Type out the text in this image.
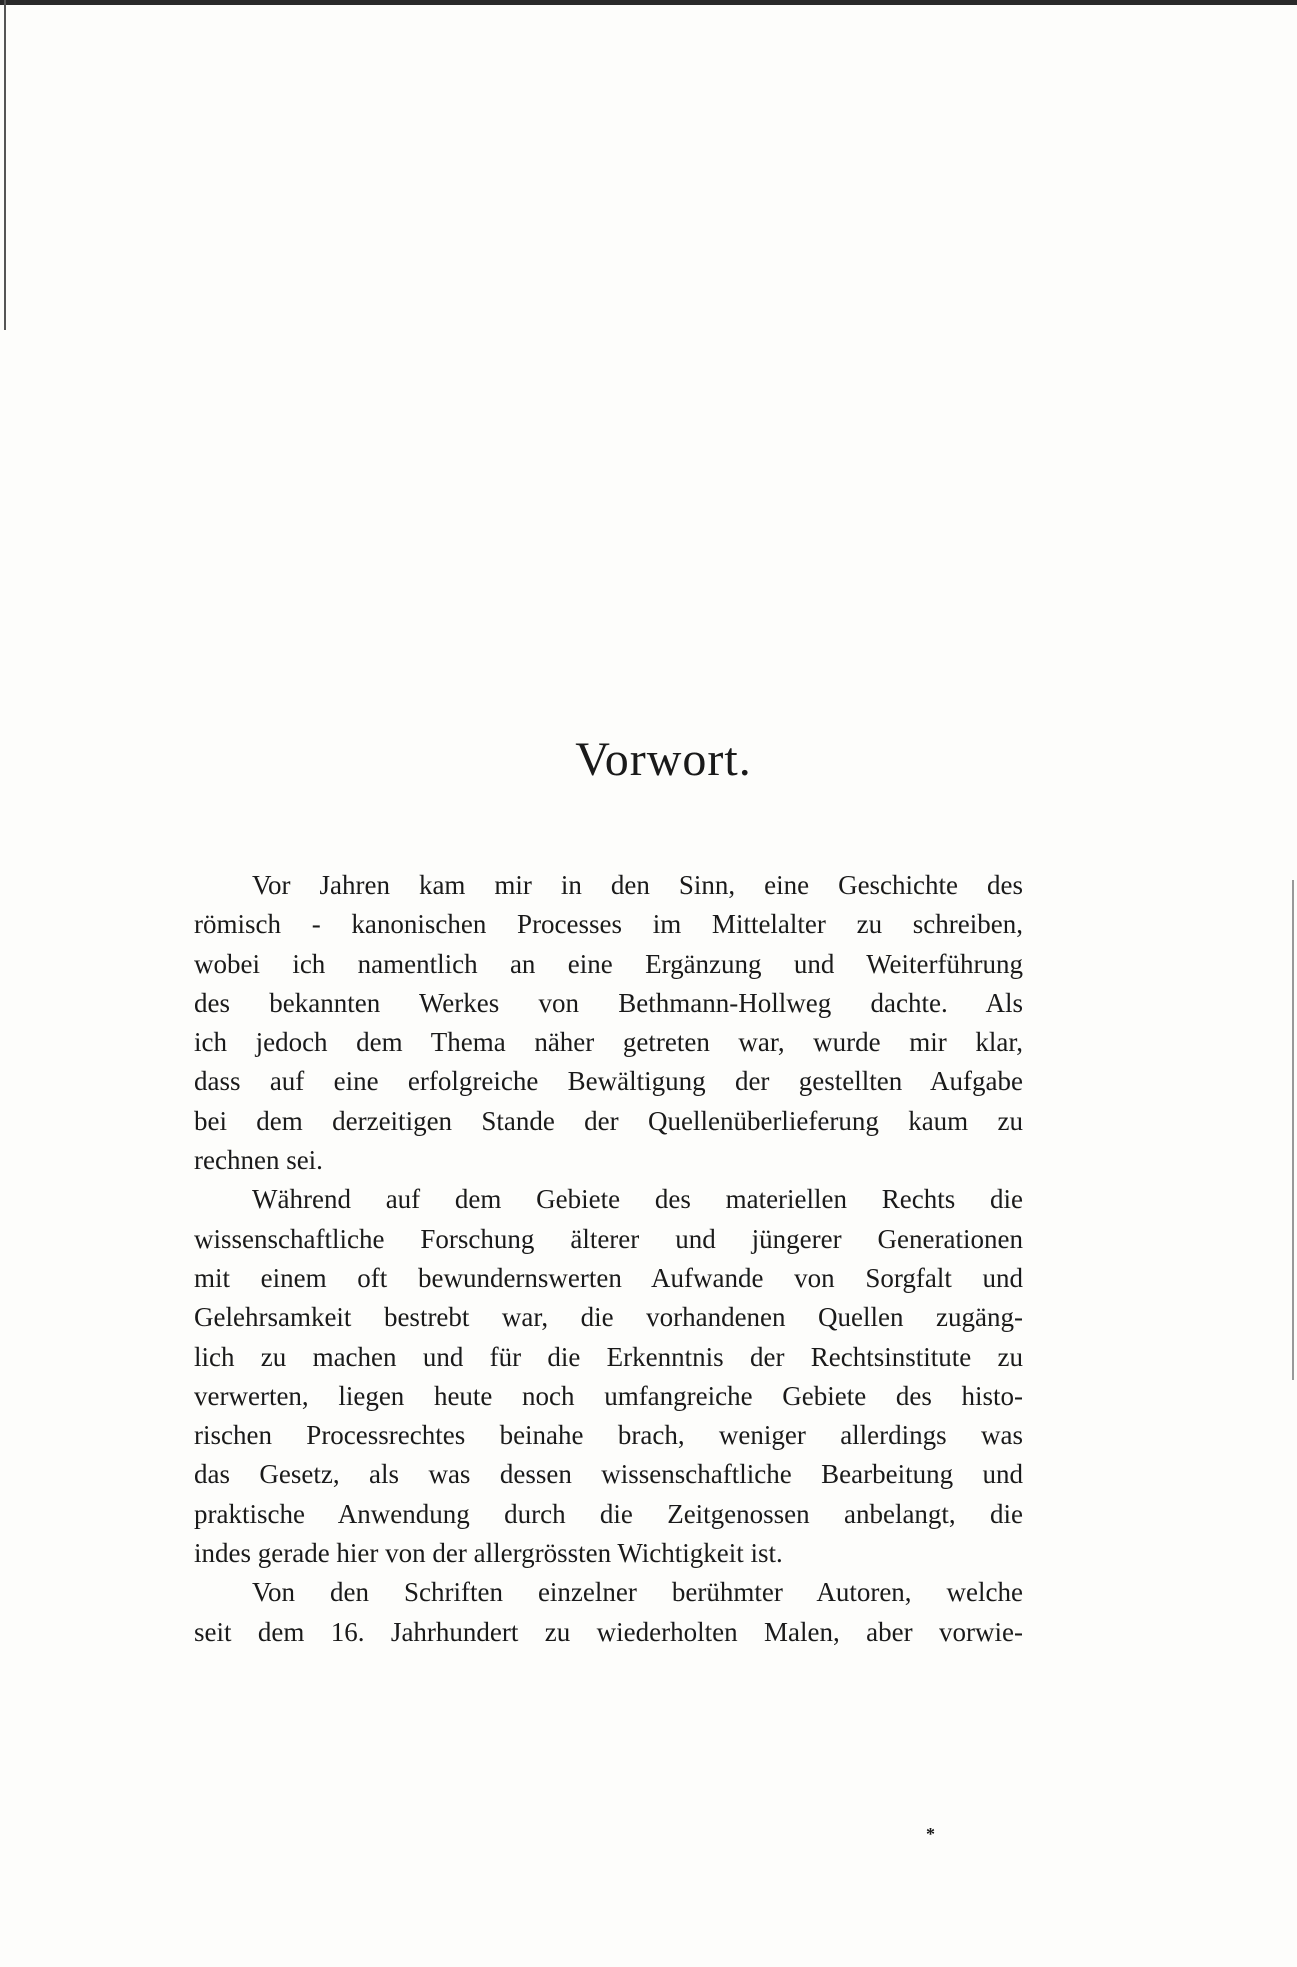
Vorwort.
Vor Jahren kam mir in den Sinn, eine Geschichte des
römisch - kanonischen Processes im Mittelalter zu schreiben,
wobei ich namentlich an eine Ergänzung und Weiterführung
des bekannten Werkes von Bethmann-Hollweg dachte. Als
ich jedoch dem Thema näher getreten war, wurde mir klar,
dass auf eine erfolgreiche Bewältigung der gestellten Aufgabe
bei dem derzeitigen Stande der Quellenüberlieferung kaum zu
rechnen sei.
Während auf dem Gebiete des materiellen Rechts die
wissenschaftliche Forschung älterer und jüngerer Generationen
mit einem oft bewundernswerten Aufwande von Sorgfalt und
Gelehrsamkeit bestrebt war, die vorhandenen Quellen zugäng-
lich zu machen und für die Erkenntnis der Rechtsinstitute zu
verwerten, liegen heute noch umfangreiche Gebiete des histo-
rischen Processrechtes beinahe brach, weniger allerdings was
das Gesetz, als was dessen wissenschaftliche Bearbeitung und
praktische Anwendung durch die Zeitgenossen anbelangt, die
indes gerade hier von der allergrössten Wichtigkeit ist.
Von den Schriften einzelner berühmter Autoren, welche
seit dem 16. Jahrhundert zu wiederholten Malen, aber vorwie-
*
